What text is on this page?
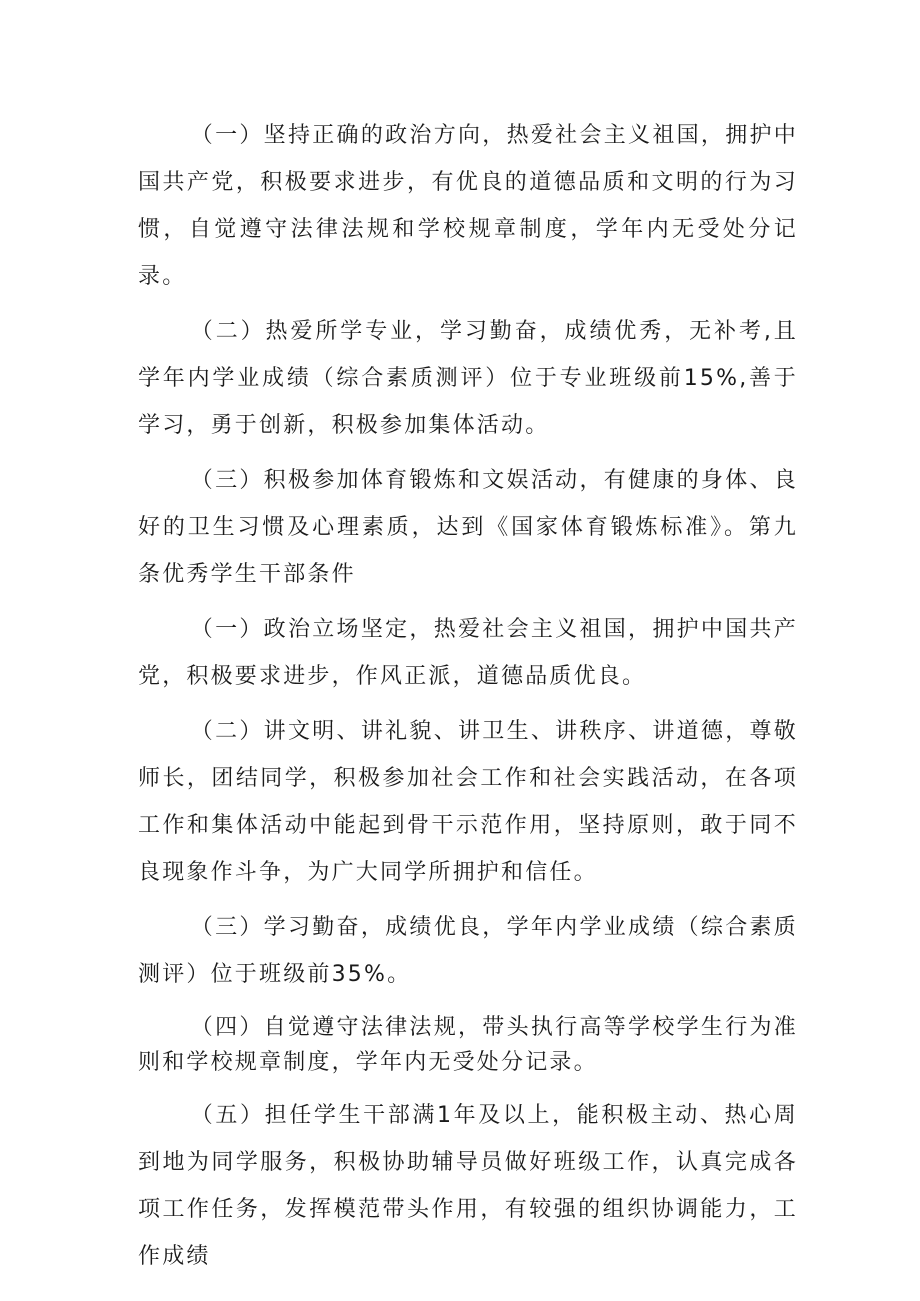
（一）坚持正确的政治方向，热爱社会主义祖国，拥护中国共产党，积极要求进步，有优良的道德品质和文明的行为习惯，自觉遵守法律法规和学校规章制度，学年内无受处分记录。

（二）热爱所学专业，学习勤奋，成绩优秀，无补考,且学年内学业成绩（综合素质测评）位于专业班级前15%,善于学习，勇于创新，积极参加集体活动。

（三）积极参加体育锻炼和文娱活动，有健康的身体、良好的卫生习惯及心理素质，达到《国家体育锻炼标准》。第九条优秀学生干部条件

（一）政治立场坚定，热爱社会主义祖国，拥护中国共产党，积极要求进步，作风正派，道德品质优良。

（二）讲文明、讲礼貌、讲卫生、讲秩序、讲道德，尊敬师长，团结同学，积极参加社会工作和社会实践活动，在各项工作和集体活动中能起到骨干示范作用，坚持原则，敢于同不良现象作斗争，为广大同学所拥护和信任。

（三）学习勤奋，成绩优良，学年内学业成绩（综合素质测评）位于班级前35%。

（四）自觉遵守法律法规，带头执行高等学校学生行为准则和学校规章制度，学年内无受处分记录。

（五）担任学生干部满1年及以上，能积极主动、热心周到地为同学服务，积极协助辅导员做好班级工作，认真完成各项工作任务，发挥模范带头作用，有较强的组织协调能力，工作成绩
